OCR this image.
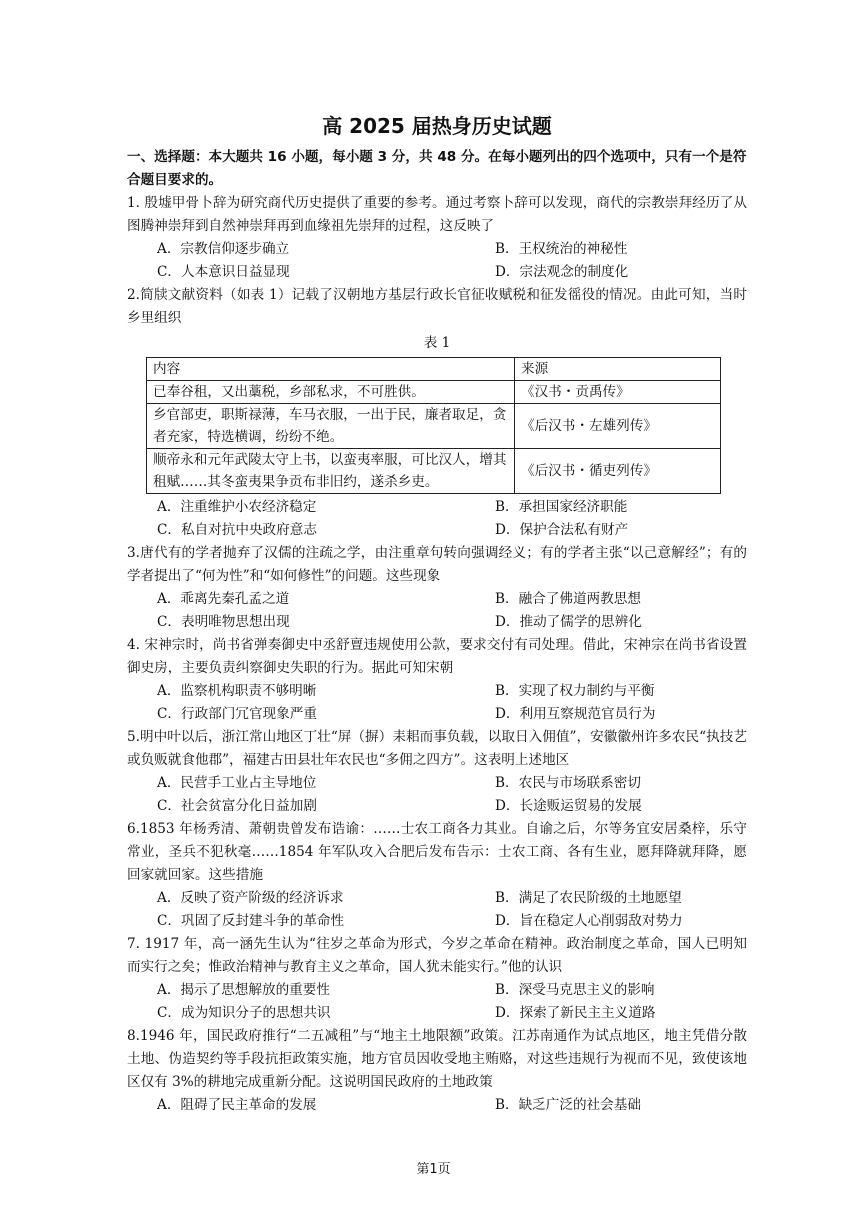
高 2025 届热身历史试题

一、选择题：本大题共 16 小题，每小题 3 分，共 48 分。在每小题列出的四个选项中，只有一个是符合题目要求的。

1. 殷墟甲骨卜辞为研究商代历史提供了重要的参考。通过考察卜辞可以发现，商代的宗教崇拜经历了从图腾神崇拜到自然神崇拜再到血缘祖先崇拜的过程，这反映了

A．宗教信仰逐步确立	B．王权统治的神秘性
C．人本意识日益显现	D．宗法观念的制度化

2.简牍文献资料（如表 1）记载了汉朝地方基层行政长官征收赋税和征发徭役的情况。由此可知，当时乡里组织

表 1
内容	来源
已奉谷租，又出藁税，乡部私求，不可胜供。	《汉书・贡禹传》
乡官部吏，职斯禄薄，车马衣服，一出于民，廉者取足，贪者充家，特选横调，纷纷不绝。	《后汉书・左雄列传》
顺帝永和元年武陵太守上书，以蛮夷率服，可比汉人，增其租赋……其冬蛮夷果争贡布非旧约，遂杀乡吏。	《后汉书・循吏列传》
A．注重维护小农经济稳定	B．承担国家经济职能
C．私自对抗中央政府意志	D．保护合法私有财产

3.唐代有的学者抛弃了汉儒的注疏之学，由注重章句转向强调经义；有的学者主张“以己意解经”；有的学者提出了“何为性”和“如何修性”的问题。这些现象

A．乖离先秦孔孟之道	B．融合了佛道两教思想
C．表明唯物思想出现	D．推动了儒学的思辨化

4. 宋神宗时，尚书省弹奏御史中丞舒亶违规使用公款，要求交付有司处理。借此，宋神宗在尚书省设置御史房，主要负责纠察御史失职的行为。据此可知宋朝

A．监察机构职责不够明晰	B．实现了权力制约与平衡
C．行政部门冗官现象严重	D．利用互察规范官员行为

5.明中叶以后，浙江常山地区丁壮“屏（摒）耒耜而事负载，以取日入佣值”，安徽徽州许多农民“执技艺或负贩就食他郡”，福建古田县壮年农民也“多佣之四方”。这表明上述地区

A．民营手工业占主导地位	B．农民与市场联系密切
C．社会贫富分化日益加剧	D．长途贩运贸易的发展

6.1853 年杨秀清、萧朝贵曾发布诰谕：……士农工商各力其业。自谕之后，尔等务宜安居桑梓，乐守常业，圣兵不犯秋毫……1854 年军队攻入合肥后发布告示：士农工商、各有生业，愿拜降就拜降，愿回家就回家。这些措施

A．反映了资产阶级的经济诉求	B．满足了农民阶级的土地愿望
C．巩固了反封建斗争的革命性	D．旨在稳定人心削弱敌对势力

7. 1917 年，高一涵先生认为“往岁之革命为形式，今岁之革命在精神。政治制度之革命，国人已明知而实行之矣；惟政治精神与教育主义之革命，国人犹未能实行。”他的认识

A．揭示了思想解放的重要性	B．深受马克思主义的影响
C．成为知识分子的思想共识	D．探索了新民主主义道路

8.1946 年，国民政府推行“二五减租”与“地主土地限额”政策。江苏南通作为试点地区，地主凭借分散土地、伪造契约等手段抗拒政策实施，地方官员因收受地主贿赂，对这些违规行为视而不见，致使该地区仅有 3%的耕地完成重新分配。这说明国民政府的土地政策

A．阻碍了民主革命的发展	B．缺乏广泛的社会基础
第1页
